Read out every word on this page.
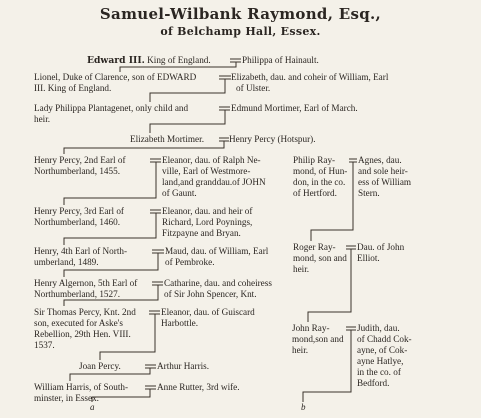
Samuel-Wilbank Raymond, Esq.,
of Belchamp Hall, Essex.
Edward III. King of England.	Philippa of Hainault.
Lionel, Duke of Clarence, son of EDWARD
III. King of England.
Elizabeth, dau. and coheir of William, Earl
of Ulster.
Lady Philippa Plantagenet, only child and
heir.
Edmund Mortimer, Earl of March.
Elizabeth Mortimer.	Henry Percy (Hotspur).
Henry Percy, 2nd Earl of
Northumberland, 1455.
Eleanor, dau. of Ralph Ne-
ville, Earl of Westmore-
land,and granddau.of JOHN
of Gaunt.
Henry Percy, 3rd Earl of
Northumberland, 1460.
Eleanor, dau. and heir of
Richard, Lord Poynings,
Fitzpayne and Bryan.
Henry, 4th Earl of North-
umberland, 1489.
Maud, dau. of William, Earl
of Pembroke.
Henry Algernon, 5th Earl of
Northumberland, 1527.
Catharine, dau. and coheiress
of Sir John Spencer, Knt.
Sir Thomas Percy, Knt. 2nd
son, executed for Aske's
Rebellion, 29th Hen. VIII.
1537.
Eleanor, dau. of Guiscard
Harbottle.
Joan Percy.	Arthur Harris.
William Harris, of South-
minster, in Essex.
Anne Rutter, 3rd wife.
Philip Ray-
mond, of Hun-
don, in the co.
of Hertford.
Agnes, dau.
and sole heir-
ess of William
Stern.
Roger Ray-
mond, son and
heir.
Dau. of John
Elliot.
John Ray-
mond,son and
heir.
Judith, dau.
of Chadd Cok-
ayne, of Cok-
ayne Hatlye,
in the co. of
Bedford.
a	b
